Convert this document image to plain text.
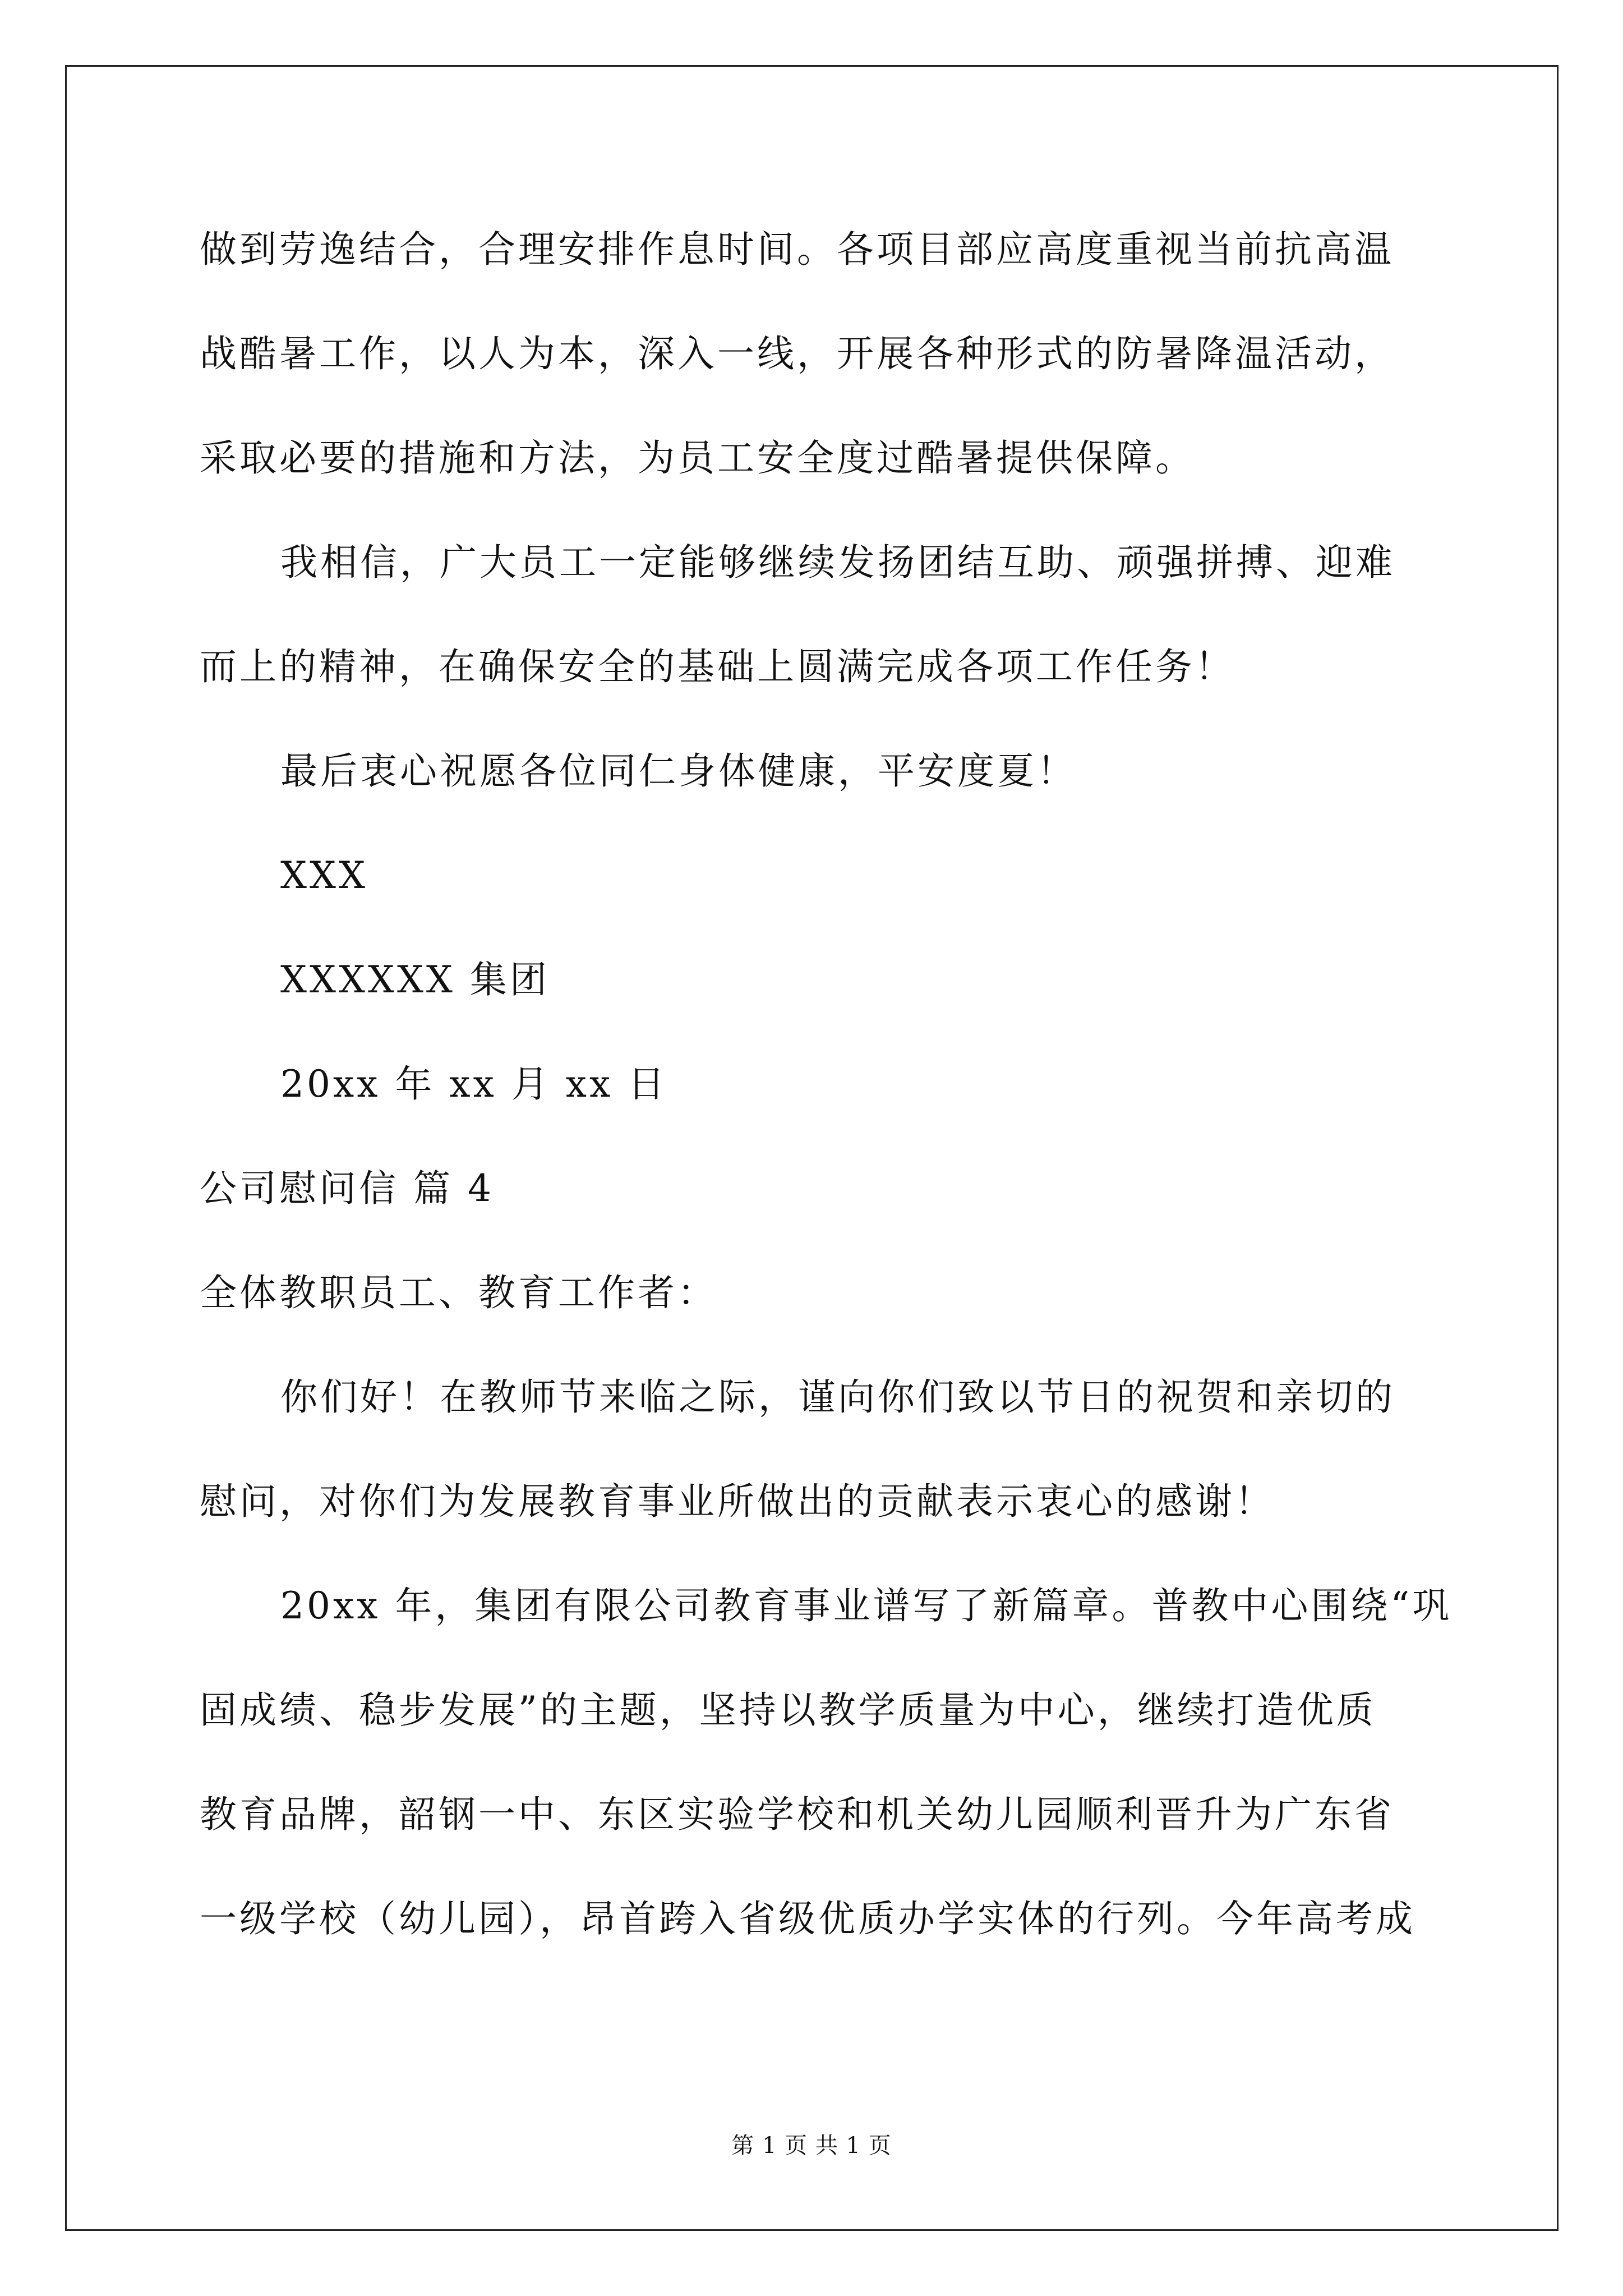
做到劳逸结合，合理安排作息时间。各项目部应高度重视当前抗高温

战酷暑工作，以人为本，深入一线，开展各种形式的防暑降温活动，

采取必要的措施和方法，为员工安全度过酷暑提供保障。

我相信，广大员工一定能够继续发扬团结互助、顽强拼搏、迎难

而上的精神，在确保安全的基础上圆满完成各项工作任务！

最后衷心祝愿各位同仁身体健康，平安度夏！

XXX

XXXXXX 集团

20xx 年 xx 月 xx 日

公司慰问信 篇 4

全体教职员工、教育工作者：

你们好！在教师节来临之际，谨向你们致以节日的祝贺和亲切的

慰问，对你们为发展教育事业所做出的贡献表示衷心的感谢！

20xx 年，集团有限公司教育事业谱写了新篇章。普教中心围绕“巩

固成绩、稳步发展”的主题，坚持以教学质量为中心，继续打造优质

教育品牌，韶钢一中、东区实验学校和机关幼儿园顺利晋升为广东省

一级学校（幼儿园），昂首跨入省级优质办学实体的行列。今年高考成

第 1 页 共 1 页
